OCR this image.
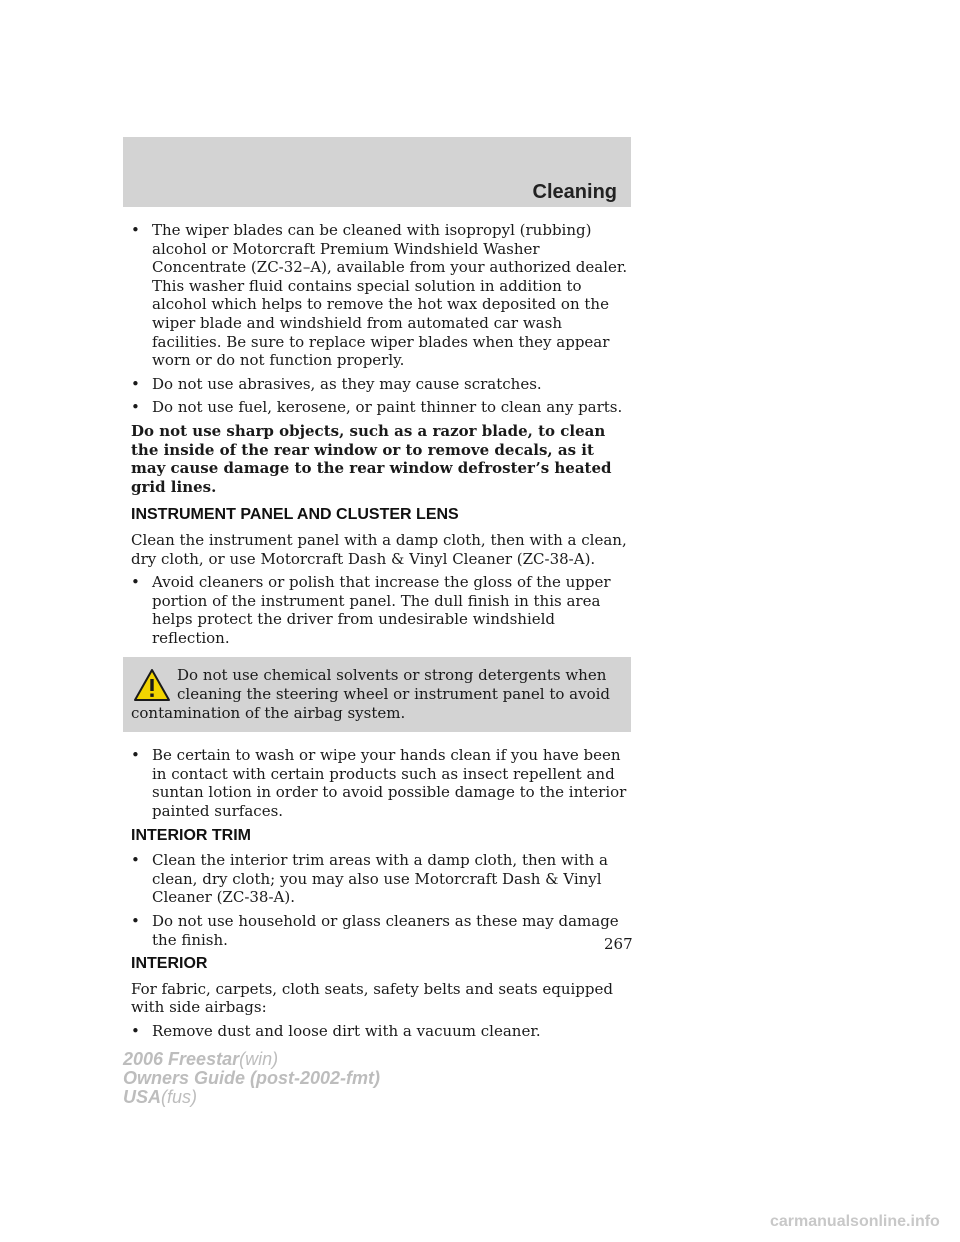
Cleaning
• The wiper blades can be cleaned with isopropyl (rubbing) alcohol or Motorcraft Premium Windshield Washer Concentrate (ZC-32–A), available from your authorized dealer. This washer fluid contains special solution in addition to alcohol which helps to remove the hot wax deposited on the wiper blade and windshield from automated car wash facilities. Be sure to replace wiper blades when they appear worn or do not function properly.
• Do not use abrasives, as they may cause scratches.
• Do not use fuel, kerosene, or paint thinner to clean any parts.

Do not use sharp objects, such as a razor blade, to clean the inside of the rear window or to remove decals, as it may cause damage to the rear window defroster’s heated grid lines.

INSTRUMENT PANEL AND CLUSTER LENS

Clean the instrument panel with a damp cloth, then with a clean, dry cloth, or use Motorcraft Dash & Vinyl Cleaner (ZC-38-A).

• Avoid cleaners or polish that increase the gloss of the upper portion of the instrument panel. The dull finish in this area helps protect the driver from undesirable windshield reflection.
Do not use chemical solvents or strong detergents when cleaning the steering wheel or instrument panel to avoid contamination of the airbag system.
• Be certain to wash or wipe your hands clean if you have been in contact with certain products such as insect repellent and suntan lotion in order to avoid possible damage to the interior painted surfaces.
INTERIOR TRIM
• Clean the interior trim areas with a damp cloth, then with a clean, dry cloth; you may also use Motorcraft Dash & Vinyl Cleaner (ZC-38-A).
• Do not use household or glass cleaners as these may damage the finish.
INTERIOR

For fabric, carpets, cloth seats, safety belts and seats equipped with side airbags:

• Remove dust and loose dirt with a vacuum cleaner.
267
2006 Freestar(win)
Owners Guide (post-2002-fmt)
USA(fus)
carmanualsonline.info
